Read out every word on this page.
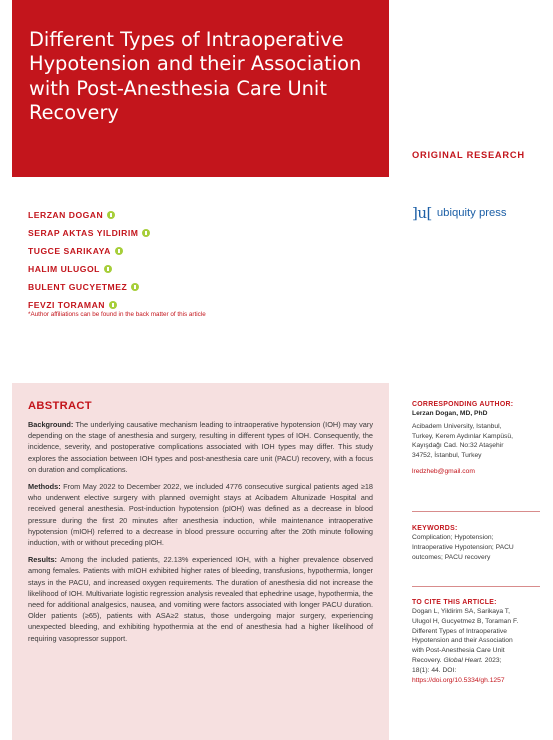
Different Types of Intraoperative Hypotension and their Association with Post-Anesthesia Care Unit Recovery
ORIGINAL RESEARCH
]u[ ubiquity press
LERZAN DOGAN
SERAP AKTAS YILDIRIM
TUGCE SARIKAYA
HALIM ULUGOL
BULENT GUCYETMEZ
FEVZI TORAMAN
*Author affiliations can be found in the back matter of this article
ABSTRACT

Background: The underlying causative mechanism leading to intraoperative hypotension (IOH) may vary depending on the stage of anesthesia and surgery, resulting in different types of IOH. Consequently, the incidence, severity, and postoperative complications associated with IOH types may differ. This study explores the association between IOH types and post-anesthesia care unit (PACU) recovery, with a focus on duration and complications.

Methods: From May 2022 to December 2022, we included 4776 consecutive surgical patients aged ≥18 who underwent elective surgery with planned overnight stays at Acibadem Altunizade Hospital and received general anesthesia. Post-induction hypotension (pIOH) was defined as a decrease in blood pressure during the first 20 minutes after anesthesia induction, while maintenance intraoperative hypotension (mIOH) referred to a decrease in blood pressure occurring after the 20th minute following induction, with or without preceding pIOH.

Results: Among the included patients, 22.13% experienced IOH, with a higher prevalence observed among females. Patients with mIOH exhibited higher rates of bleeding, transfusions, hypothermia, longer stays in the PACU, and increased oxygen requirements. The duration of anesthesia did not increase the likelihood of IOH. Multivariate logistic regression analysis revealed that ephedrine usage, hypothermia, the need for additional analgesics, nausea, and vomiting were factors associated with longer PACU duration. Older patients (≥65), patients with ASA≥2 status, those undergoing major surgery, experiencing unexpected bleeding, and exhibiting hypothermia at the end of anesthesia had a higher likelihood of requiring vasopressor support.

CORRESPONDING AUTHOR:
Lerzan Dogan, MD, PhD
Acibadem University, Istanbul, Turkey, Kerem Aydınlar Kampüsü, Kayışdağı Cad. No:32 Ataşehir 34752, İstanbul, Turkey
lredzheb@gmail.com
KEYWORDS:
Complication; Hypotension; Intraoperative Hypotension; PACU outcomes; PACU recovery
TO CITE THIS ARTICLE:
Dogan L, Yildirim SA, Sarikaya T, Ulugol H, Gucyetmez B, Toraman F. Different Types of Intraoperative Hypotension and their Association with Post-Anesthesia Care Unit Recovery. Global Heart. 2023; 18(1): 44. DOI: https://doi.org/10.5334/gh.1257
